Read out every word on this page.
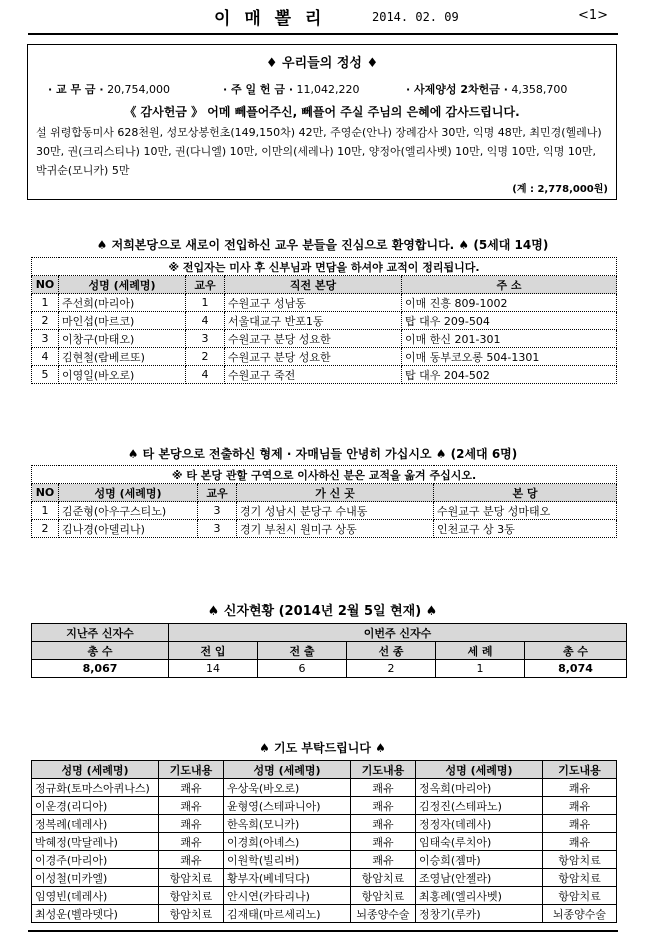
이 매 뽈 리	2014. 02. 09	<1>
♦ 우리들의 정성 ♦
· 교 무 금 · 20,754,000	· 주 일 헌 금 · 11,042,220	· 사제양성 2차헌금 · 4,358,700
《 감사헌금 》 어메 뻬플어주신, 뻬플어 주실 주님의 은혜에 감사드립니다.
설 위령합동미사 628천원, 성모상봉헌초(149,150차) 42만, 주영순(안나) 장례감사 30만, 익명 48만, 최민경(헬레나) 30만, 권(크리스티나) 10만, 권(다니엘) 10만, 이만의(세레나) 10만, 양정아(엘리사벳) 10만, 익명 10만, 익명 10만, 박귀순(모니카) 5만
(계 : 2,778,000원)
♠ 저희본당으로 새로이 전입하신 교우 분들을 진심으로 환영합니다. ♠ (5세대 14명)
※ 전입자는 미사 후 신부님과 면담을 하셔야 교적이 정리됩니다.				
NO	성명 (세례명)	교우	직전 본당	주 소
1	주선희(마리아)	1	수원교구 성남동	이매 진흥 809-1002
2	마인섭(마르코)	4	서울대교구 반포1동	탑 대우 209-504
3	이창구(마태오)	3	수원교구 분당 성요한	이매 한신 201-301
4	김현철(람베르또)	2	수원교구 분당 성요한	이매 동부코오롱 504-1301
5	이영일(바오로)	4	수원교구 죽전	탑 대우 204-502
♠ 타 본당으로 전출하신 형제 · 자매님들 안녕히 가십시오 ♠ (2세대 6명)
※ 타 본당 관할 구역으로 이사하신 분은 교적을 옮겨 주십시오.				
NO	성명 (세례명)	교우	가 신 곳	본 당
1	김준형(아우구스티노)	3	경기 성남시 분당구 수내동	수원교구 분당 성마태오
2	김나경(아델리나)	3	경기 부천시 원미구 상동	인천교구 상 3동
♠ 신자현황 (2014년 2월 5일 현재) ♠
지난주 신자수	이번주 신자수				
총 수	전 입	전 출	선 종	세 례	총 수
8,067	14	6	2	1	8,074
♠ 기도 부탁드립니다 ♠
성명 (세례명)	기도내용	성명 (세례명)	기도내용	성명 (세례명)	기도내용
정규화(토마스아퀴나스)	쾌유	우상욱(바오로)	쾌유	정옥희(마리아)	쾌유
이운경(리디아)	쾌유	윤형영(스테파니아)	쾌유	김정진(스테파노)	쾌유
정복례(데레사)	쾌유	한옥희(모니카)	쾌유	정정자(데레사)	쾌유
박혜정(막달레나)	쾌유	이경희(아녜스)	쾌유	임태숙(루치아)	쾌유
이경주(마리아)	쾌유	이원학(빌리버)	쾌유	이승희(젬마)	항암치료
이성철(미카엘)	항암치료	황부자(베네딕다)	항암치료	조영남(안젤라)	항암치료
임영빈(데레사)	항암치료	안시연(카타리나)	항암치료	최홍례(엘리사벳)	항암치료
최성운(벨라뎃다)	항암치료	김재태(마르세리노)	뇌종양수술	정창기(루카)	뇌종양수술
